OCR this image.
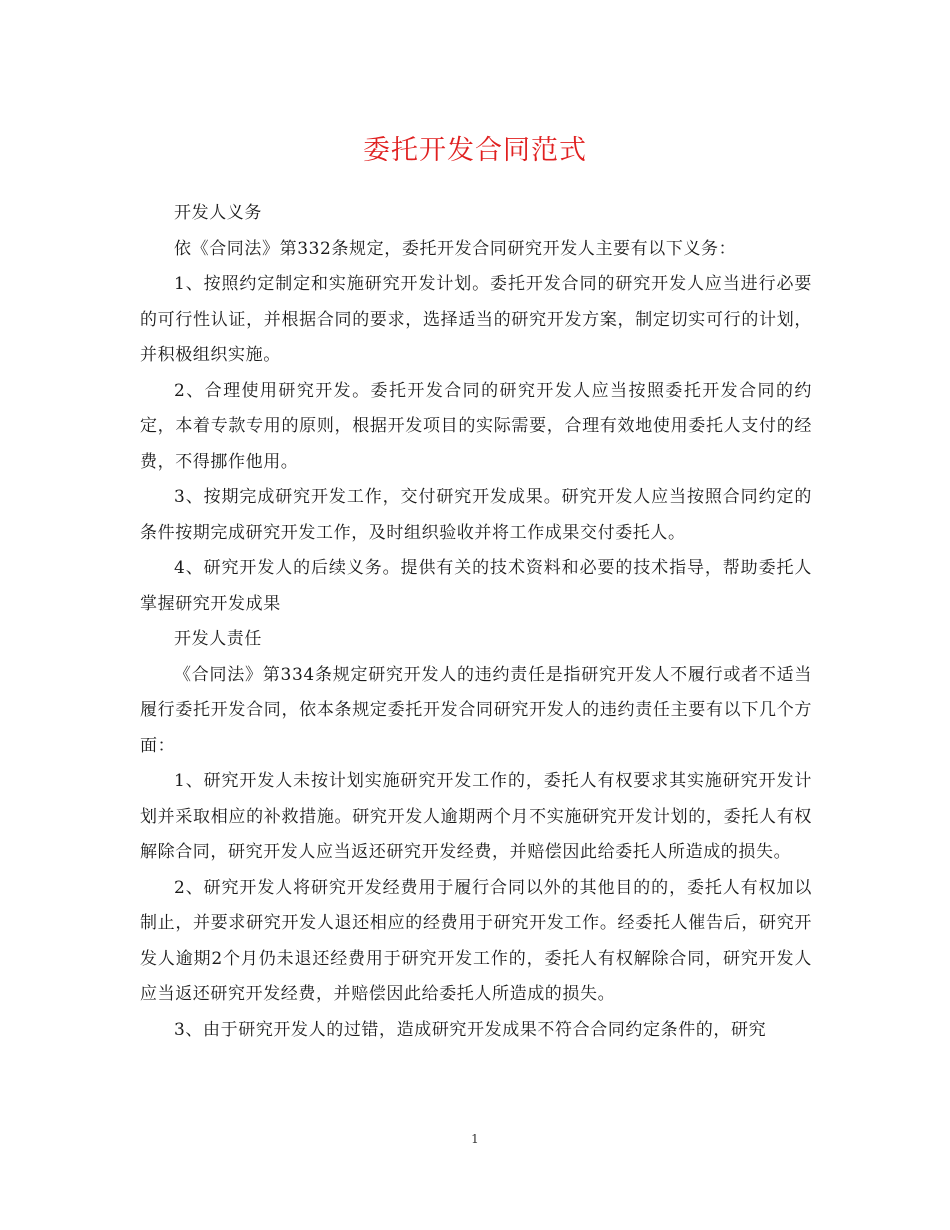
委托开发合同范式

开发人义务

依《合同法》第332条规定，委托开发合同研究开发人主要有以下义务：

1、按照约定制定和实施研究开发计划。委托开发合同的研究开发人应当进行必要的可行性认证，并根据合同的要求，选择适当的研究开发方案，制定切实可行的计划，并积极组织实施。

2、合理使用研究开发。委托开发合同的研究开发人应当按照委托开发合同的约定，本着专款专用的原则，根据开发项目的实际需要，合理有效地使用委托人支付的经费，不得挪作他用。

3、按期完成研究开发工作，交付研究开发成果。研究开发人应当按照合同约定的条件按期完成研究开发工作，及时组织验收并将工作成果交付委托人。

4、研究开发人的后续义务。提供有关的技术资料和必要的技术指导，帮助委托人掌握研究开发成果

开发人责任

《合同法》第334条规定研究开发人的违约责任是指研究开发人不履行或者不适当履行委托开发合同，依本条规定委托开发合同研究开发人的违约责任主要有以下几个方面：

1、研究开发人未按计划实施研究开发工作的，委托人有权要求其实施研究开发计划并采取相应的补救措施。研究开发人逾期两个月不实施研究开发计划的，委托人有权解除合同，研究开发人应当返还研究开发经费，并赔偿因此给委托人所造成的损失。

2、研究开发人将研究开发经费用于履行合同以外的其他目的的，委托人有权加以制止，并要求研究开发人退还相应的经费用于研究开发工作。经委托人催告后，研究开发人逾期2个月仍未退还经费用于研究开发工作的，委托人有权解除合同，研究开发人应当返还研究开发经费，并赔偿因此给委托人所造成的损失。

3、由于研究开发人的过错，造成研究开发成果不符合合同约定条件的，研究

1
